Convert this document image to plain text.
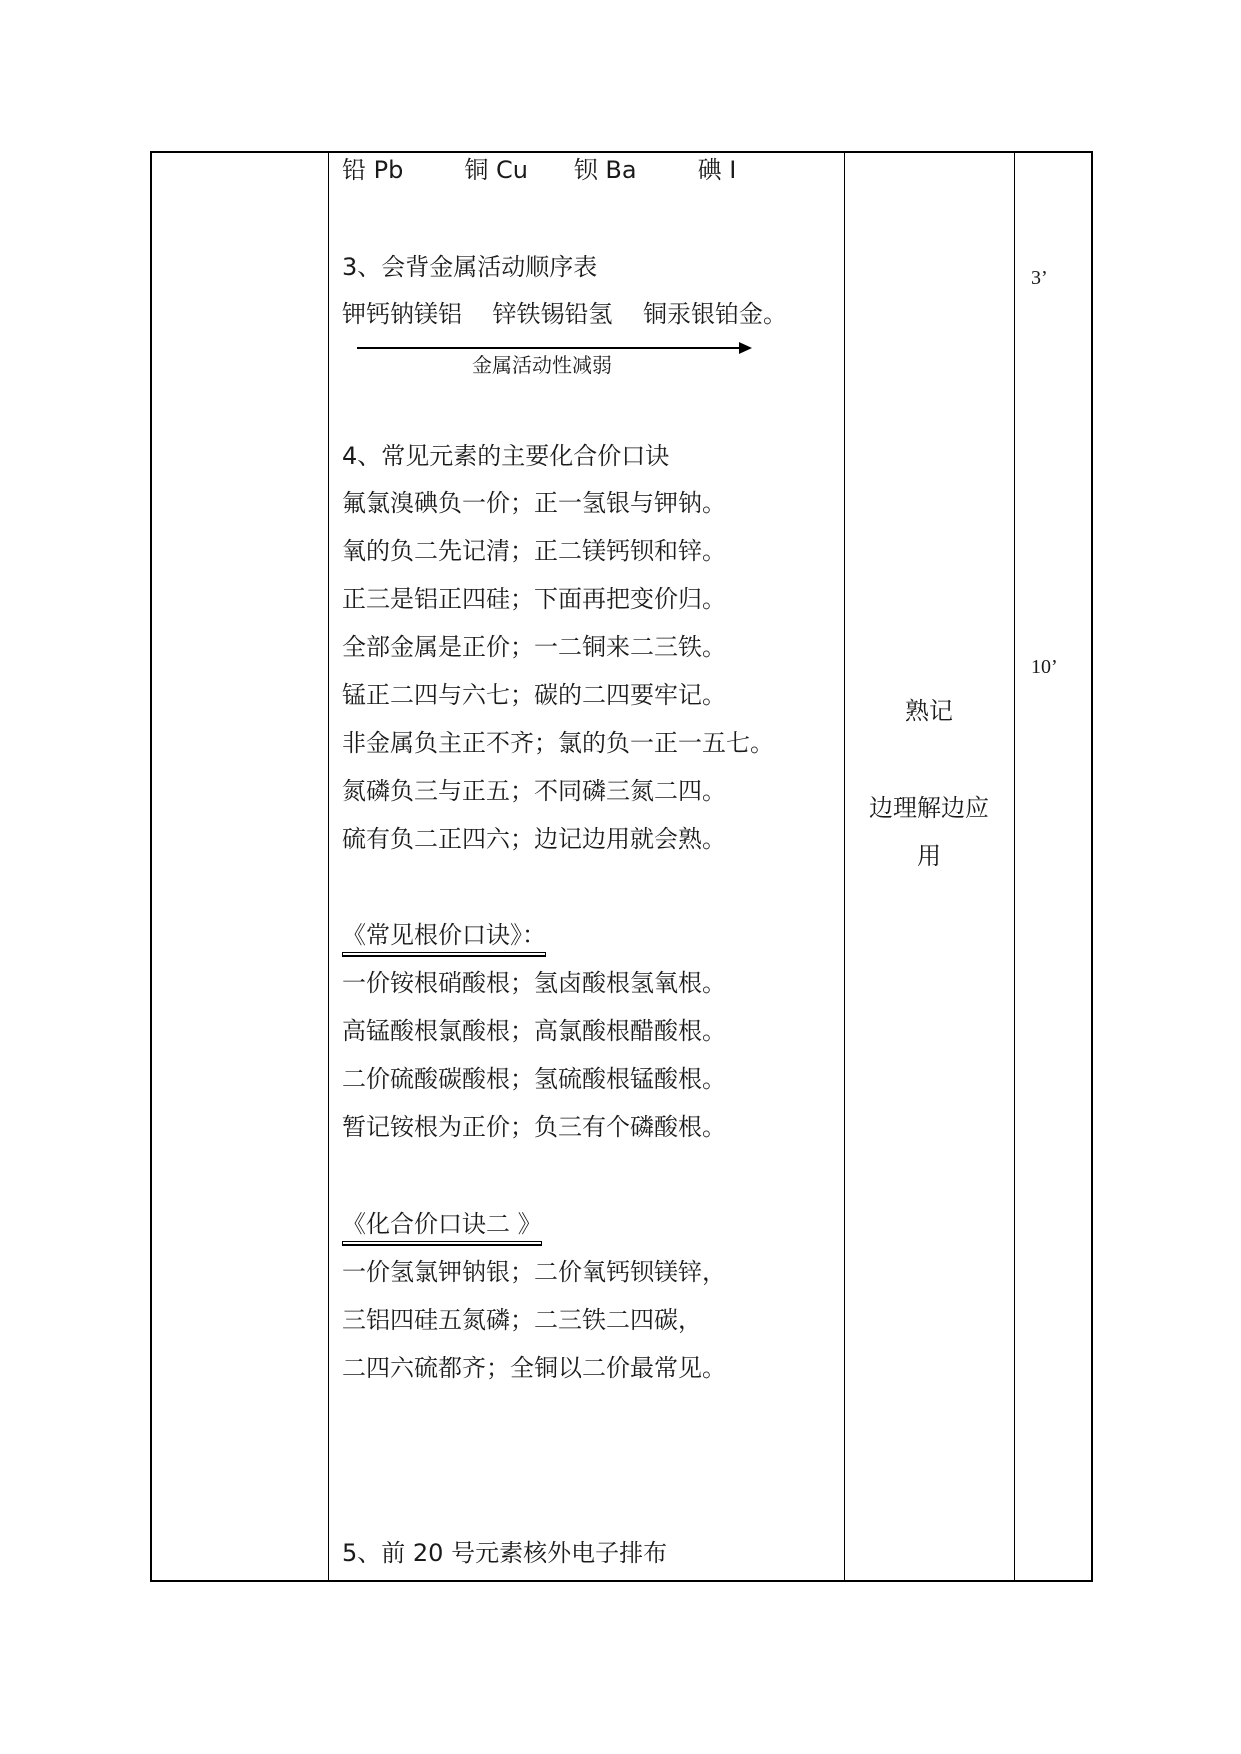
铅 Pb        铜 Cu      钡 Ba        碘 I
3、会背金属活动顺序表
钾钙钠镁铝    锌铁锡铅氢    铜汞银铂金。
金属活动性减弱
4、常见元素的主要化合价口诀
氟氯溴碘负一价；正一氢银与钾钠。
氧的负二先记清；正二镁钙钡和锌。
正三是铝正四硅；下面再把变价归。
全部金属是正价；一二铜来二三铁。
锰正二四与六七；碳的二四要牢记。
非金属负主正不齐；氯的负一正一五七。
氮磷负三与正五；不同磷三氮二四。
硫有负二正四六；边记边用就会熟。
《常见根价口诀》：
一价铵根硝酸根；氢卤酸根氢氧根。
高锰酸根氯酸根；高氯酸根醋酸根。
二价硫酸碳酸根；氢硫酸根锰酸根。
暂记铵根为正价；负三有个磷酸根。
《化合价口诀二 》
一价氢氯钾钠银；二价氧钙钡镁锌，
三铝四硅五氮磷；二三铁二四碳，
二四六硫都齐；全铜以二价最常见。
5、前 20 号元素核外电子排布
熟记
边理解边应
用
3’
10’
